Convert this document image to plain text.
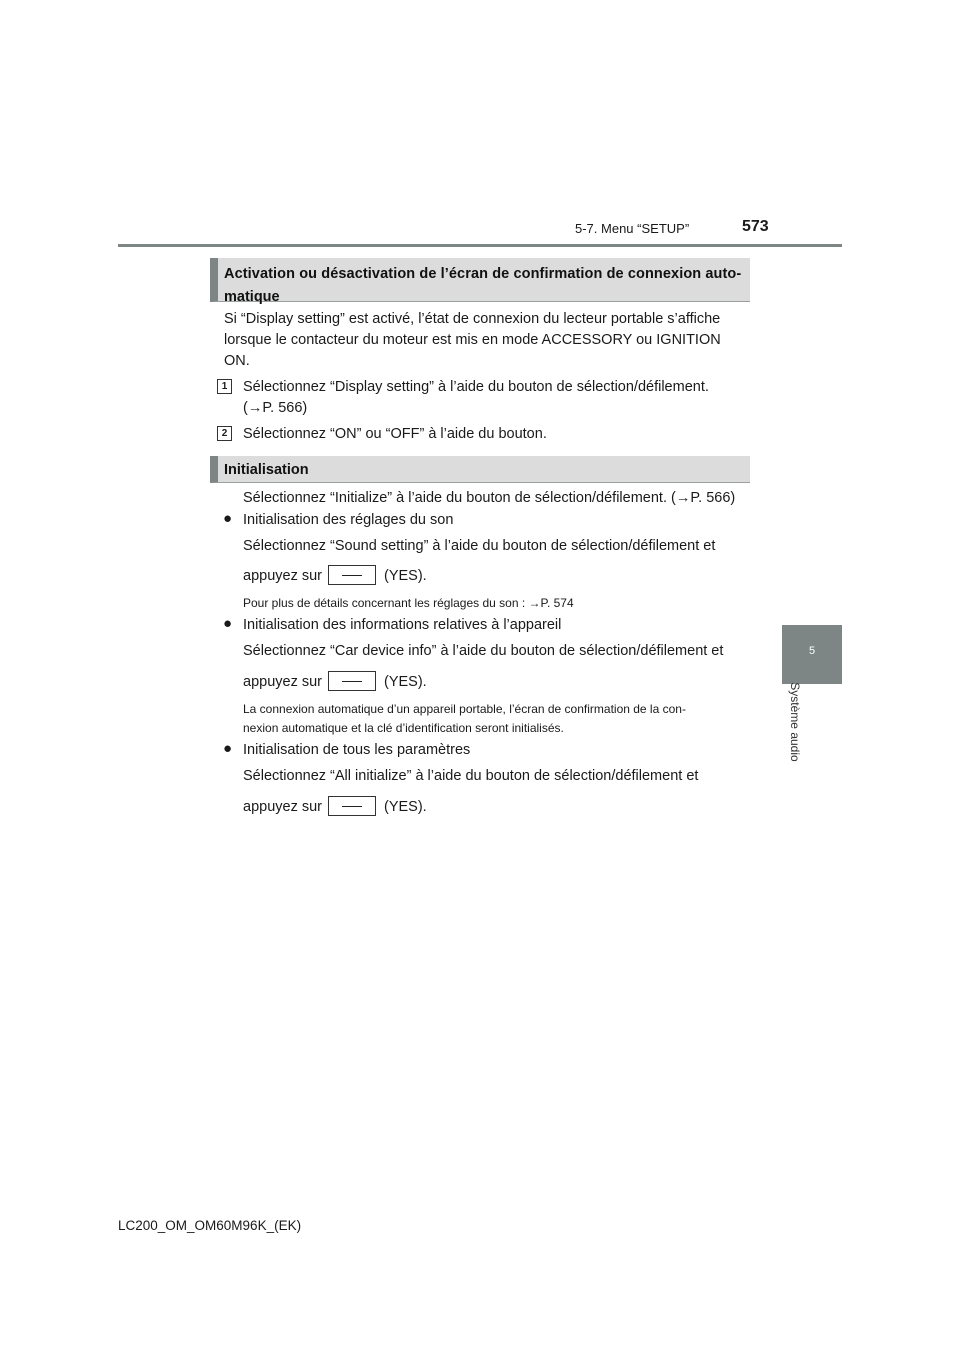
5-7. Menu “SETUP”	573
5
Système audio
Activation ou désactivation de l’écran de confirmation de connexion auto-
matique
Si “Display setting” est activé, l’état de connexion du lecteur portable s’affiche
lorsque le contacteur du moteur est mis en mode ACCESSORY ou IGNITION
ON.
1	Sélectionnez “Display setting” à l’aide du bouton de sélection/défilement.
(→P. 566)
2	Sélectionnez “ON” ou “OFF” à l’aide du bouton.
Initialisation
Sélectionnez “Initialize” à l’aide du bouton de sélection/défilement. (→P. 566)
● Initialisation des réglages du son
Sélectionnez “Sound setting” à l’aide du bouton de sélection/défilement et
appuyez sur	(YES).
Pour plus de détails concernant les réglages du son : →P. 574
● Initialisation des informations relatives à l’appareil
Sélectionnez “Car device info” à l’aide du bouton de sélection/défilement et
appuyez sur	(YES).
La connexion automatique d’un appareil portable, l’écran de confirmation de la con-
nexion automatique et la clé d’identification seront initialisés.
● Initialisation de tous les paramètres
Sélectionnez “All initialize” à l’aide du bouton de sélection/défilement et
appuyez sur	(YES).
LC200_OM_OM60M96K_(EK)
